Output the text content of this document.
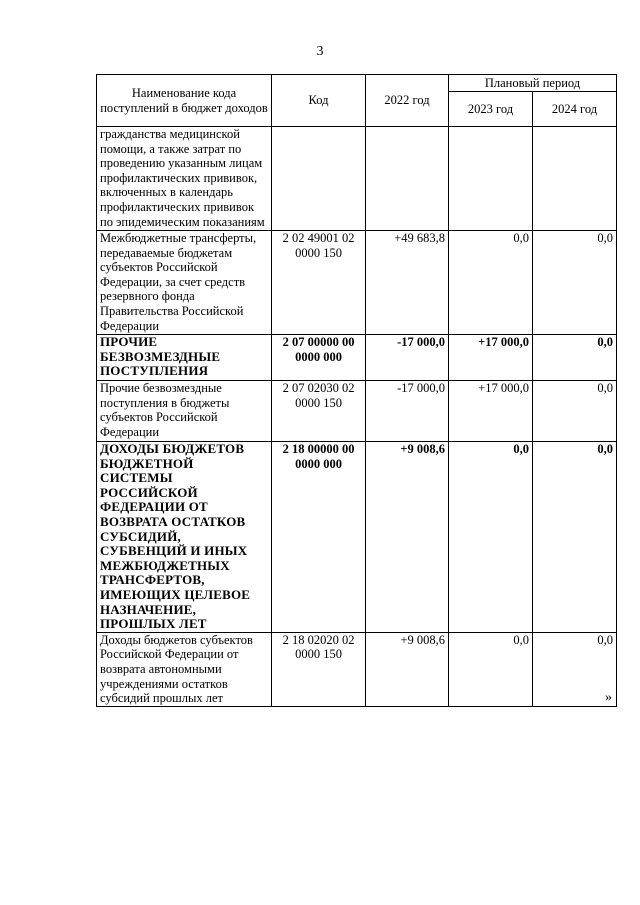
3
Наименование кода поступлений в бюджет доходов	Код	2022 год	Плановый период	
			2023 год	2024 год
гражданства медицинской помощи, а также затрат по проведению указанным лицам профилактических прививок, включенных в календарь профилактических прививок по эпидемическим показаниям				
Межбюджетные трансферты, передаваемые бюджетам субъектов Российской Федерации, за счет средств резервного фонда Правительства Российской Федерации	2 02 49001 02 0000 150	+49 683,8	0,0	0,0
ПРОЧИЕ БЕЗВОЗМЕЗДНЫЕ ПОСТУПЛЕНИЯ	2 07 00000 00 0000 000	-17 000,0	+17 000,0	0,0
Прочие безвозмездные поступления в бюджеты субъектов Российской Федерации	2 07 02030 02 0000 150	-17 000,0	+17 000,0	0,0
ДОХОДЫ БЮДЖЕТОВ БЮДЖЕТНОЙ СИСТЕМЫ РОССИЙСКОЙ ФЕДЕРАЦИИ ОТ ВОЗВРАТА ОСТАТКОВ СУБСИДИЙ, СУБВЕНЦИЙ И ИНЫХ МЕЖБЮДЖЕТНЫХ ТРАНСФЕРТОВ, ИМЕЮЩИХ ЦЕЛЕВОЕ НАЗНАЧЕНИЕ, ПРОШЛЫХ ЛЕТ	2 18 00000 00 0000 000	+9 008,6	0,0	0,0
Доходы бюджетов субъектов Российской Федерации от возврата автономными учреждениями остатков субсидий прошлых лет	2 18 02020 02 0000 150	+9 008,6	0,0	0,0
»
